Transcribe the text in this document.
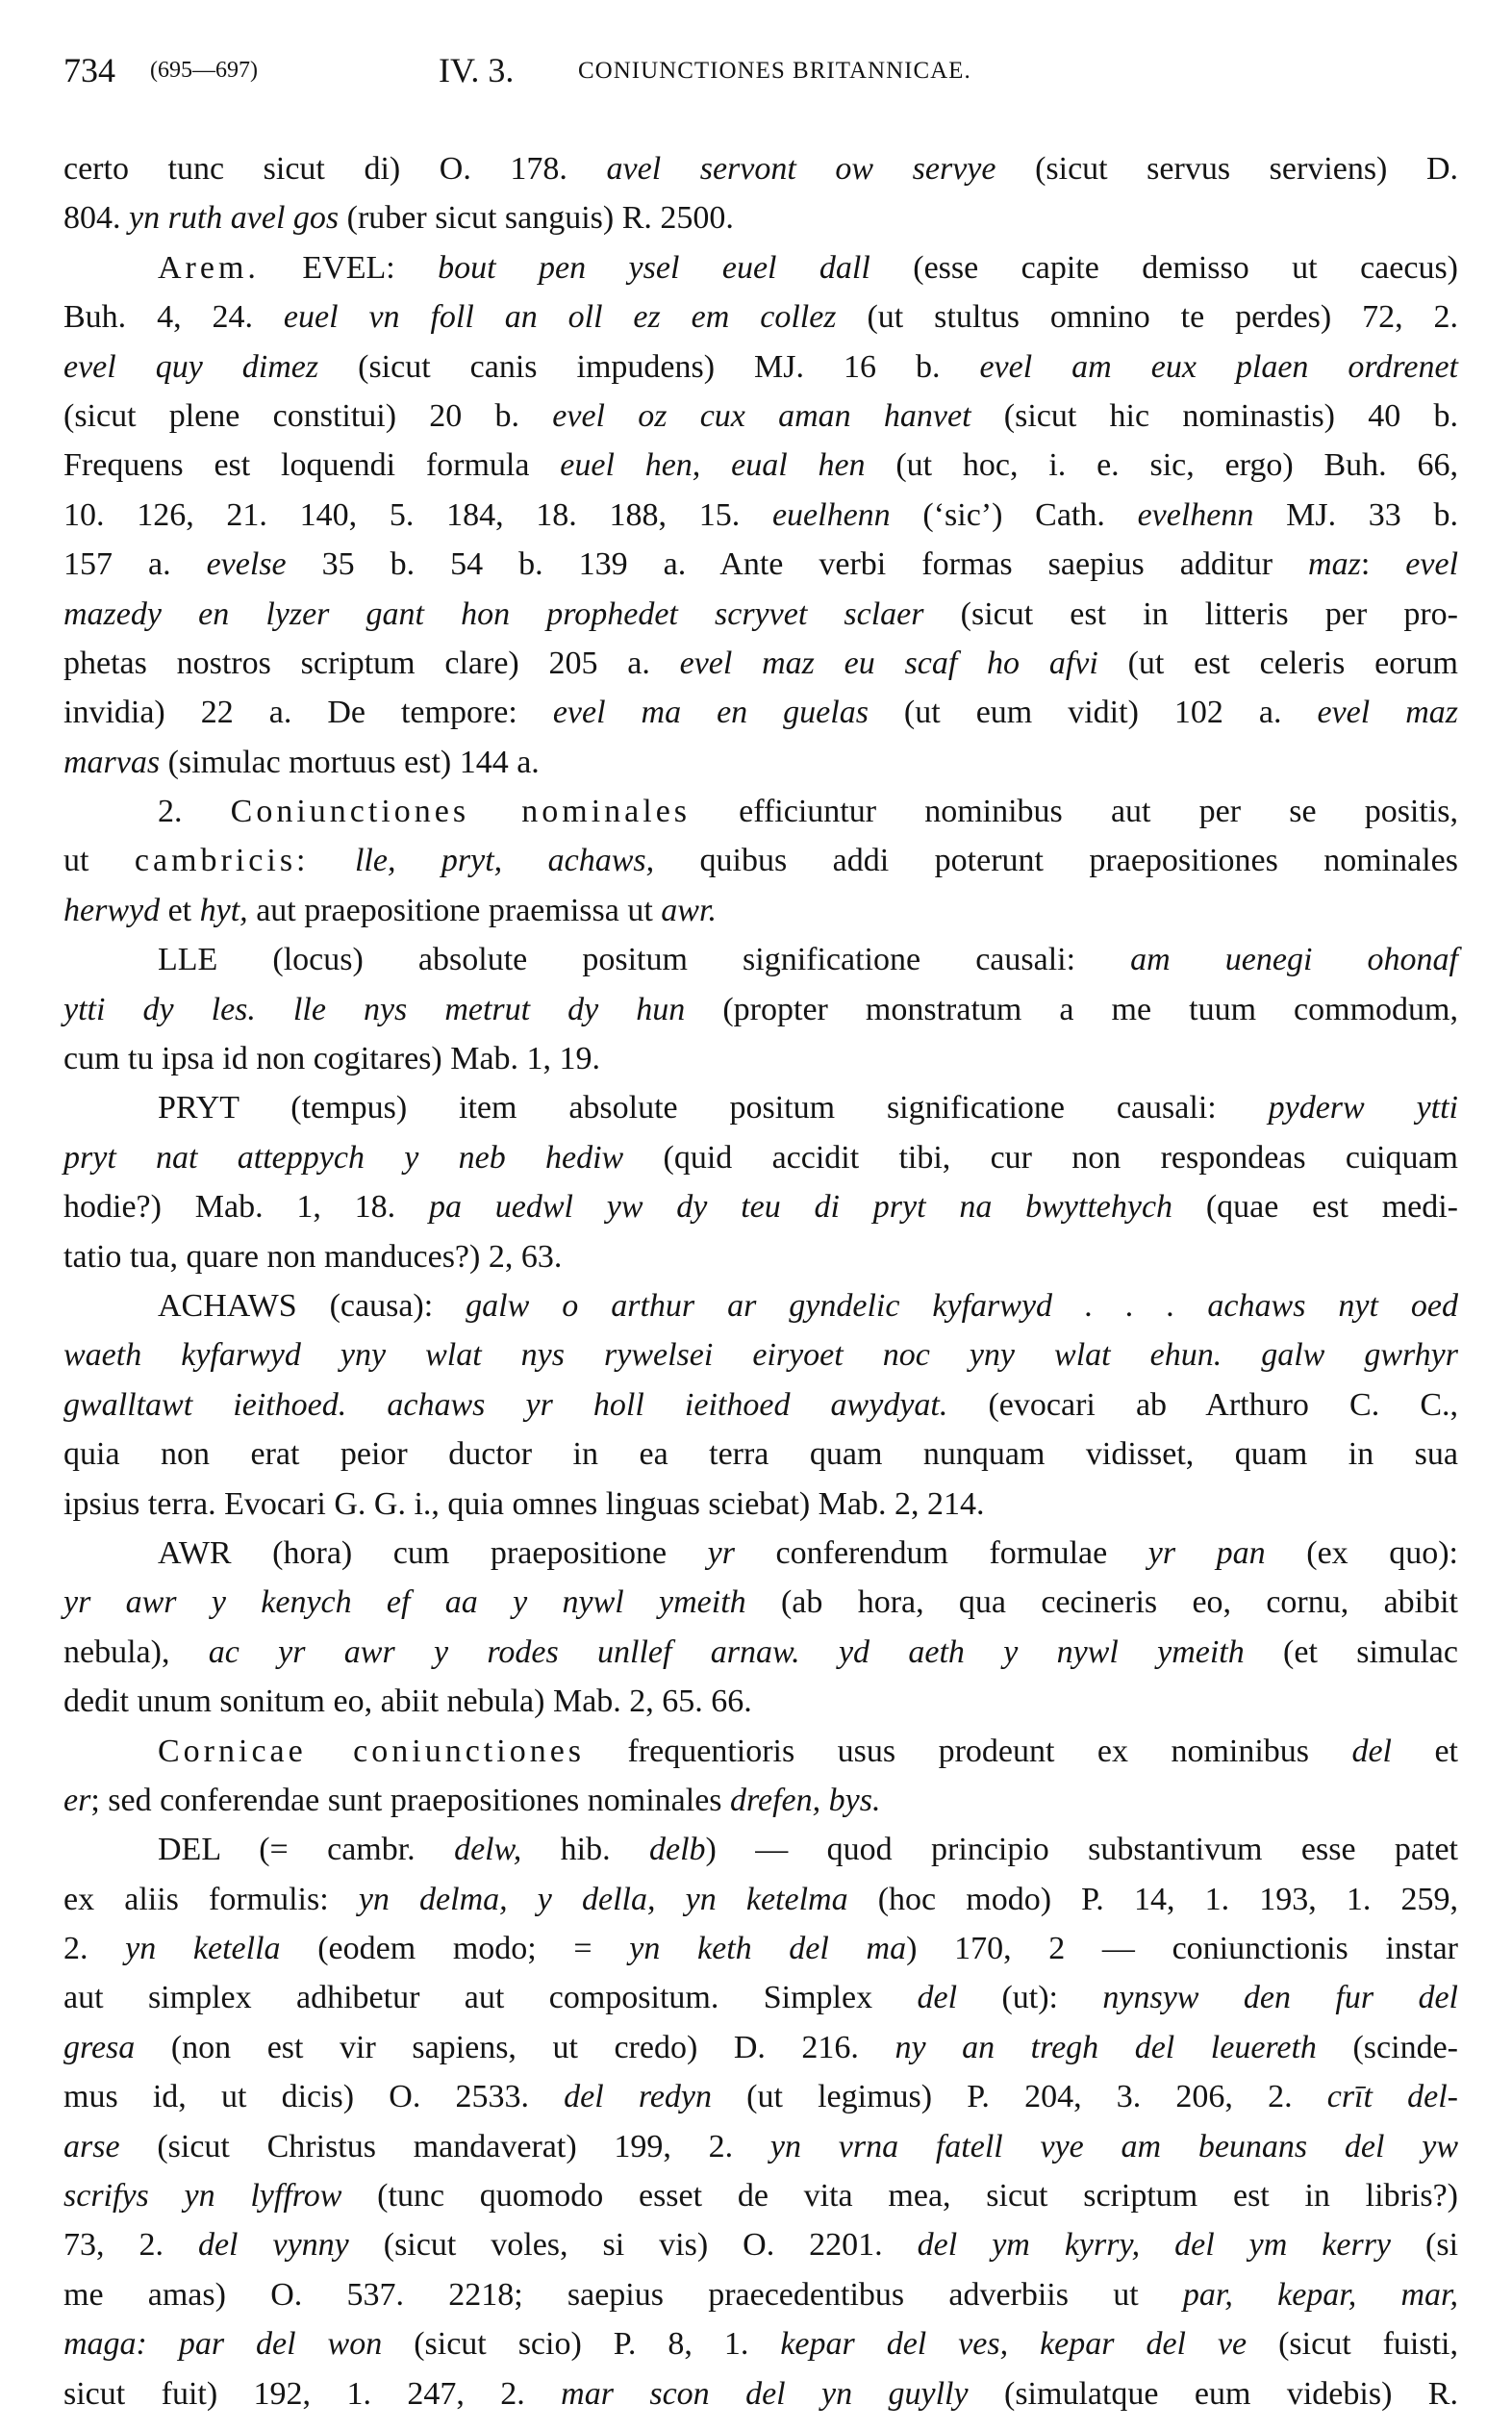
734 (695—697)	IV. 3.	CONIUNCTIONES BRITANNICAE.
certo tunc sicut di) O. 178. avel servont ow servye (sicut servus serviens) D.
804. yn ruth avel gos (ruber sicut sanguis) R. 2500.
Arem. EVEL: bout pen ysel euel dall (esse capite demisso ut caecus)
Buh. 4, 24. euel vn foll an oll ez em collez (ut stultus omnino te perdes) 72, 2.
evel quy dimez (sicut canis impudens) MJ. 16 b. evel am eux plaen ordrenet
(sicut plene constitui) 20 b. evel oz cux aman hanvet (sicut hic nominastis) 40 b.
Frequens est loquendi formula euel hen, eual hen (ut hoc, i. e. sic, ergo) Buh. 66,
10. 126, 21. 140, 5. 184, 18. 188, 15. euelhenn (‘sic’) Cath. evelhenn MJ. 33 b.
157 a. evelse 35 b. 54 b. 139 a. Ante verbi formas saepius additur maz: evel
mazedy en lyzer gant hon prophedet scryvet sclaer (sicut est in litteris per pro-
phetas nostros scriptum clare) 205 a. evel maz eu scaf ho afvi (ut est celeris eorum
invidia) 22 a. De tempore: evel ma en guelas (ut eum vidit) 102 a. evel maz
marvas (simulac mortuus est) 144 a.
2. Coniunctiones nominales efficiuntur nominibus aut per se positis,
ut cambricis: lle, pryt, achaws, quibus addi poterunt praepositiones nominales
herwyd et hyt, aut praepositione praemissa ut awr.
LLE (locus) absolute positum significatione causali: am uenegi ohonaf
ytti dy les. lle nys metrut dy hun (propter monstratum a me tuum commodum,
cum tu ipsa id non cogitares) Mab. 1, 19.
PRYT (tempus) item absolute positum significatione causali: pyderw ytti
pryt nat atteppych y neb hediw (quid accidit tibi, cur non respondeas cuiquam
hodie?) Mab. 1, 18. pa uedwl yw dy teu di pryt na bwyttehych (quae est medi-
tatio tua, quare non manduces?) 2, 63.
ACHAWS (causa): galw o arthur ar gyndelic kyfarwyd . . . achaws nyt oed
waeth kyfarwyd yny wlat nys rywelsei eiryoet noc yny wlat ehun. galw gwrhyr
gwalltawt ieithoed. achaws yr holl ieithoed awydyat. (evocari ab Arthuro C. C.,
quia non erat peior ductor in ea terra quam nunquam vidisset, quam in sua
ipsius terra. Evocari G. G. i., quia omnes linguas sciebat) Mab. 2, 214.
AWR (hora) cum praepositione yr conferendum formulae yr pan (ex quo):
yr awr y kenych ef aa y nywl ymeith (ab hora, qua cecineris eo, cornu, abibit
nebula), ac yr awr y rodes unllef arnaw. yd aeth y nywl ymeith (et simulac
dedit unum sonitum eo, abiit nebula) Mab. 2, 65. 66.
Cornicae coniunctiones frequentioris usus prodeunt ex nominibus del et
er; sed conferendae sunt praepositiones nominales drefen, bys.
DEL (= cambr. delw, hib. delb) — quod principio substantivum esse patet
ex aliis formulis: yn delma, y della, yn ketelma (hoc modo) P. 14, 1. 193, 1. 259,
2. yn ketella (eodem modo; = yn keth del ma) 170, 2 — coniunctionis instar
aut simplex adhibetur aut compositum. Simplex del (ut): nynsyw den fur del
gresa (non est vir sapiens, ut credo) D. 216. ny an tregh del leuereth (scinde-
mus id, ut dicis) O. 2533. del redyn (ut legimus) P. 204, 3. 206, 2. crīt del-
arse (sicut Christus mandaverat) 199, 2. yn vrna fatell vye am beunans del yw
scrifys yn lyffrow (tunc quomodo esset de vita mea, sicut scriptum est in libris?)
73, 2. del vynny (sicut voles, si vis) O. 2201. del ym kyrry, del ym kerry (si
me amas) O. 537. 2218; saepius praecedentibus adverbiis ut par, kepar, mar,
maga: par del won (sicut scio) P. 8, 1. kepar del ves, kepar del ve (sicut fuisti,
sicut fuit) 192, 1. 247, 2. mar scon del yn guylly (simulatque eum videbis) R.
